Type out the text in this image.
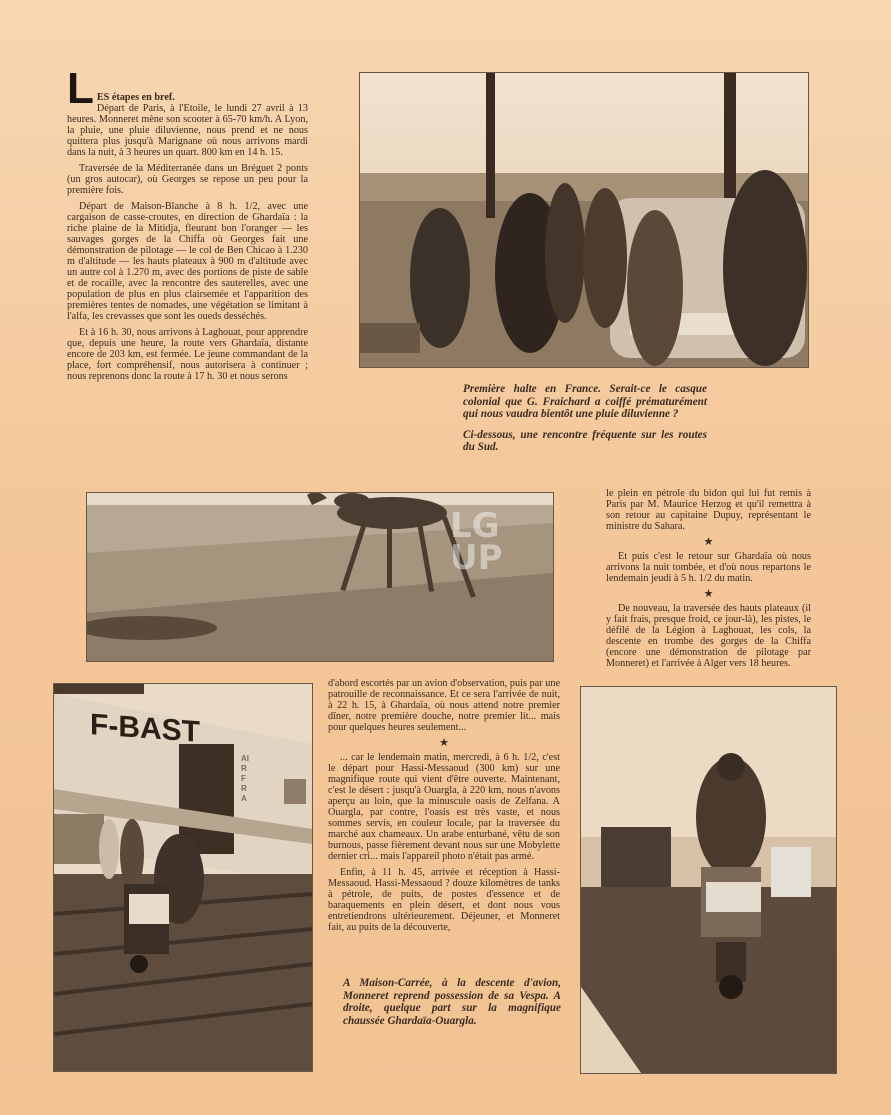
LES étapes en bref.
Départ de Paris, à l'Etoile, le lundi 27 avril à 13 heures. Monneret mène son scooter à 65-70 km/h. A Lyon, la pluie, une pluie diluvienne, nous prend et ne nous quittera plus jusqu'à Marignane où nous arrivons mardi dans la nuit, à 3 heures un quart. 800 km en 14 h. 15.

Traversée de la Méditerranée dans un Bréguet 2 ponts (un gros autocar), où Georges se repose un peu pour la première fois.

Départ de Maison-Blanche à 8 h. 1/2, avec une cargaison de casse-croutes, en direction de Ghardaïa : la riche plaine de la Mitidja, fleurant bon l'oranger — les sauvages gorges de la Chiffa où Georges fait une démonstration de pilotage — le col de Ben Chicao à 1.230 m d'altitude — les hauts plateaux à 900 m d'altitude avec un autre col à 1.270 m, avec des portions de piste de sable et de rocaille, avec la rencontre des sauterelles, avec une population de plus en plus clairsemée et l'apparition des premières tentes de nomades, une végétation se limitant à l'alfa, les crevasses que sont les oueds desséchés.

Et à 16 h. 30, nous arrivons à Laghouat, pour apprendre que, depuis une heure, la route vers Ghardaïa, distante encore de 203 km, est fermée. Le jeune commandant de la place, fort compréhensif, nous autorisera à continuer ; nous reprenons donc la route à 17 h. 30 et nous serons

Première halte en France. Serait-ce le casque colonial que G. Fraichard a coiffé prématurément qui nous vaudra bientôt une pluie diluvienne ?

Ci-dessous, une rencontre fréquente sur les routes du Sud.

LG
UP

le plein en pétrole du bidon qui lui fut remis à Paris par M. Maurice Herzog et qu'il remettra à son retour au capitaine Dupuy, représentant le ministre du Sahara.

★

Et puis c'est le retour sur Ghardaïa où nous arrivons la nuit tombée, et d'où nous repartons le lendemain jeudi à 5 h. 1/2 du matin.

★

De nouveau, la traversée des hauts plateaux (il y fait frais, presque froid, ce jour-là), les pistes, le défilé de la Légion à Laghouat, les cols, la descente en trombe des gorges de la Chiffa (encore une démonstration de pilotage par Monneret) et l'arrivée à Alger vers 18 heures.

F-BAST
AIR FRA

d'abord escortés par un avion d'observation, puis par une patrouille de reconnaissance. Et ce sera l'arrivée de nuit, à 22 h. 15, à Ghardaïa, où nous attend notre premier dîner, notre première douche, notre premier lit... mais pour quelques heures seulement...

★

... car le lendemain matin, mercredi, à 6 h. 1/2, c'est le départ pour Hassi-Messaoud (300 km) sur une magnifique route qui vient d'être ouverte. Maintenant, c'est le désert : jusqu'à Ouargla, à 220 km, nous n'avons aperçu au loin, que la minuscule oasis de Zelfana. A Ouargla, par contre, l'oasis est très vaste, et nous sommes servis, en couleur locale, par la traversée du marché aux chameaux. Un arabe enturbané, vêtu de son burnous, passe fièrement devant nous sur une Mobylette dernier cri... mais l'appareil photo n'était pas armé.

Enfin, à 11 h. 45, arrivée et réception à Hassi-Messaoud. Hassi-Messaoud ? douze kilomètres de tanks à pétrole, de puits, de postes d'essence et de baraquements en plein désert, et dont nous vous entretiendrons ultérieurement. Déjeuner, et Monneret fait, au puits de la découverte,

A Maison-Carrée, à la descente d'avion, Monneret reprend possession de sa Vespa. A droite, quelque part sur la magnifique chaussée Ghardaïa-Ouargla.
